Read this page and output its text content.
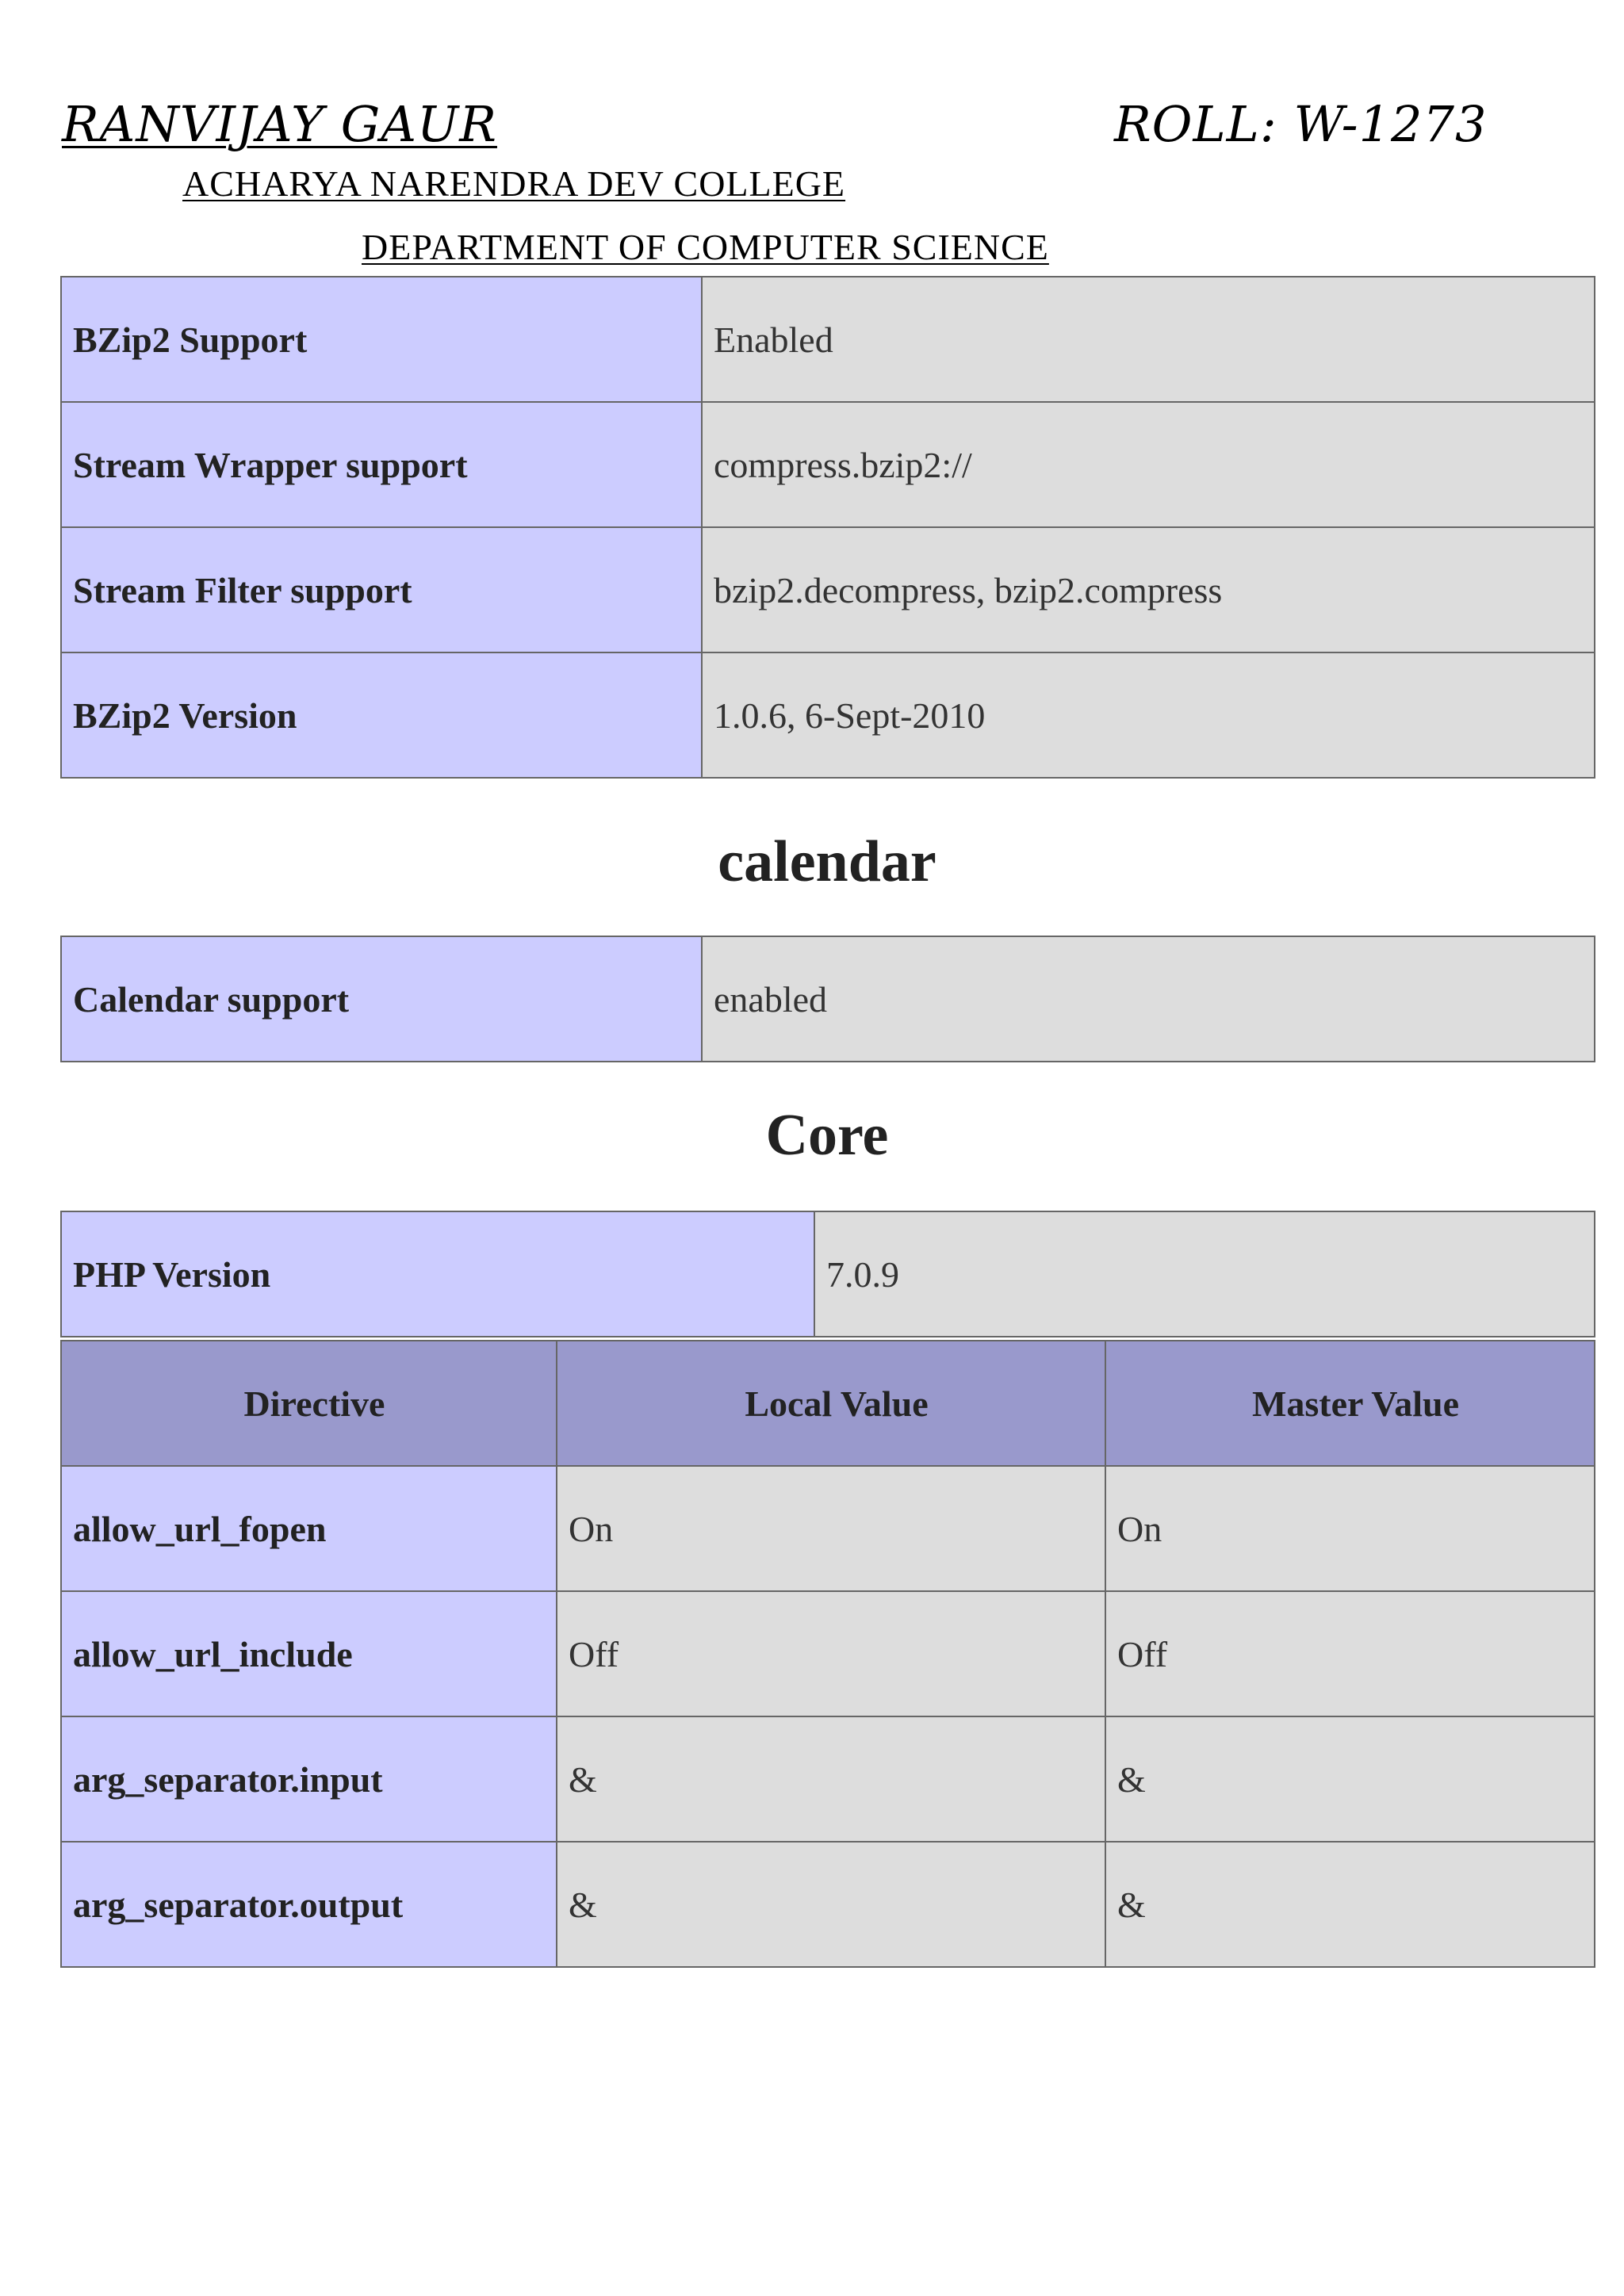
RANVIJAY GAUR	ROLL: W-1273
ACHARYA NARENDRA DEV COLLEGE
DEPARTMENT OF COMPUTER SCIENCE
BZip2 Support	Enabled
Stream Wrapper support	compress.bzip2://
Stream Filter support	bzip2.decompress, bzip2.compress
BZip2 Version	1.0.6, 6-Sept-2010
calendar
Calendar support	enabled
Core
PHP Version	7.0.9
Directive	Local Value	Master Value
allow_url_fopen	On	On
allow_url_include	Off	Off
arg_separator.input	&	&
arg_separator.output	&	&
